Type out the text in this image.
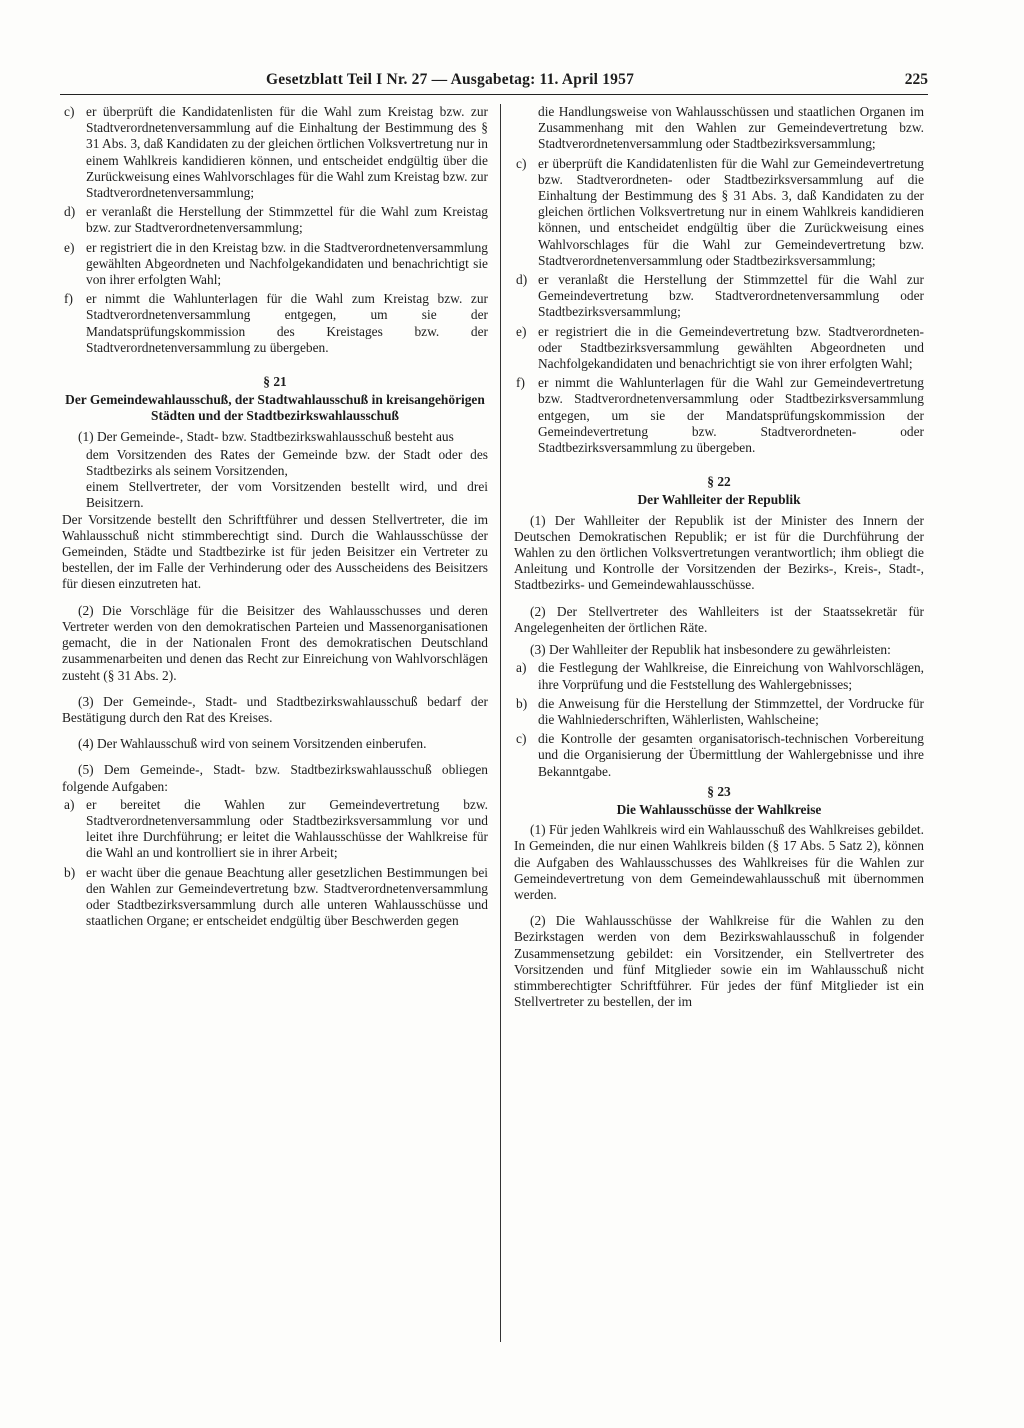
Gesetzblatt Teil I Nr. 27 — Ausgabetag: 11. April 1957	225
c) er überprüft die Kandidatenlisten für die Wahl zum Kreistag bzw. zur Stadtverordnetenversammlung auf die Einhaltung der Bestimmung des § 31 Abs. 3, daß Kandidaten zu der gleichen örtlichen Volksvertretung nur in einem Wahlkreis kandidieren können, und entscheidet endgültig über die Zurückweisung eines Wahlvorschlages für die Wahl zum Kreistag bzw. zur Stadtverordnetenversammlung;

d) er veranlaßt die Herstellung der Stimmzettel für die Wahl zum Kreistag bzw. zur Stadtverordnetenversammlung;

e) er registriert die in den Kreistag bzw. in die Stadtverordnetenversammlung gewählten Abgeordneten und Nachfolgekandidaten und benachrichtigt sie von ihrer erfolgten Wahl;

f) er nimmt die Wahlunterlagen für die Wahl zum Kreistag bzw. zur Stadtverordnetenversammlung entgegen, um sie der Mandatsprüfungskommission des Kreistages bzw. der Stadtverordnetenversammlung zu übergeben.

§ 21
Der Gemeindewahlausschuß, der Stadtwahlausschuß in kreisangehörigen Städten und der Stadtbezirkswahlausschuß

(1) Der Gemeinde-, Stadt- bzw. Stadtbezirkswahlausschuß besteht aus

dem Vorsitzenden des Rates der Gemeinde bzw. der Stadt oder des Stadtbezirks als seinem Vorsitzenden,

einem Stellvertreter, der vom Vorsitzenden bestellt wird, und drei Beisitzern.

Der Vorsitzende bestellt den Schriftführer und dessen Stellvertreter, die im Wahlausschuß nicht stimmberechtigt sind. Durch die Wahlausschüsse der Gemeinden, Städte und Stadtbezirke ist für jeden Beisitzer ein Vertreter zu bestellen, der im Falle der Verhinderung oder des Ausscheidens des Beisitzers für diesen einzutreten hat.

(2) Die Vorschläge für die Beisitzer des Wahlausschusses und deren Vertreter werden von den demokratischen Parteien und Massenorganisationen gemacht, die in der Nationalen Front des demokratischen Deutschland zusammenarbeiten und denen das Recht zur Einreichung von Wahlvorschlägen zusteht (§ 31 Abs. 2).

(3) Der Gemeinde-, Stadt- und Stadtbezirkswahlausschuß bedarf der Bestätigung durch den Rat des Kreises.

(4) Der Wahlausschuß wird von seinem Vorsitzenden einberufen.

(5) Dem Gemeinde-, Stadt- bzw. Stadtbezirkswahlausschuß obliegen folgende Aufgaben:

a) er bereitet die Wahlen zur Gemeindevertretung bzw. Stadtverordnetenversammlung oder Stadtbezirksversammlung vor und leitet ihre Durchführung; er leitet die Wahlausschüsse der Wahlkreise für die Wahl an und kontrolliert sie in ihrer Arbeit;

b) er wacht über die genaue Beachtung aller gesetzlichen Bestimmungen bei den Wahlen zur Gemeindevertretung bzw. Stadtverordnetenversammlung oder Stadtbezirksversammlung durch alle unteren Wahlausschüsse und staatlichen Organe; er entscheidet endgültig über Beschwerden gegen

die Handlungsweise von Wahlausschüssen und staatlichen Organen im Zusammenhang mit den Wahlen zur Gemeindevertretung bzw. Stadtverordnetenversammlung oder Stadtbezirksversammlung;

c) er überprüft die Kandidatenlisten für die Wahl zur Gemeindevertretung bzw. Stadtverordneten- oder Stadtbezirksversammlung auf die Einhaltung der Bestimmung des § 31 Abs. 3, daß Kandidaten zu der gleichen örtlichen Volksvertretung nur in einem Wahlkreis kandidieren können, und entscheidet endgültig über die Zurückweisung eines Wahlvorschlages für die Wahl zur Gemeindevertretung bzw. Stadtverordnetenversammlung oder Stadtbezirksversammlung;

d) er veranlaßt die Herstellung der Stimmzettel für die Wahl zur Gemeindevertretung bzw. Stadtverordnetenversammlung oder Stadtbezirksversammlung;

e) er registriert die in die Gemeindevertretung bzw. Stadtverordneten- oder Stadtbezirksversammlung gewählten Abgeordneten und Nachfolgekandidaten und benachrichtigt sie von ihrer erfolgten Wahl;

f) er nimmt die Wahlunterlagen für die Wahl zur Gemeindevertretung bzw. Stadtverordnetenversammlung oder Stadtbezirksversammlung entgegen, um sie der Mandatsprüfungskommission der Gemeindevertretung bzw. Stadtverordneten- oder Stadtbezirksversammlung zu übergeben.

§ 22
Der Wahlleiter der Republik

(1) Der Wahlleiter der Republik ist der Minister des Innern der Deutschen Demokratischen Republik; er ist für die Durchführung der Wahlen zu den örtlichen Volksvertretungen verantwortlich; ihm obliegt die Anleitung und Kontrolle der Vorsitzenden der Bezirks-, Kreis-, Stadt-, Stadtbezirks- und Gemeindewahlausschüsse.

(2) Der Stellvertreter des Wahlleiters ist der Staatssekretär für Angelegenheiten der örtlichen Räte.

(3) Der Wahlleiter der Republik hat insbesondere zu gewährleisten:

a) die Festlegung der Wahlkreise, die Einreichung von Wahlvorschlägen, ihre Vorprüfung und die Feststellung des Wahlergebnisses;

b) die Anweisung für die Herstellung der Stimmzettel, der Vordrucke für die Wahlniederschriften, Wählerlisten, Wahlscheine;

c) die Kontrolle der gesamten organisatorisch-technischen Vorbereitung und die Organisierung der Übermittlung der Wahlergebnisse und ihre Bekanntgabe.

§ 23
Die Wahlausschüsse der Wahlkreise

(1) Für jeden Wahlkreis wird ein Wahlausschuß des Wahlkreises gebildet. In Gemeinden, die nur einen Wahlkreis bilden (§ 17 Abs. 5 Satz 2), können die Aufgaben des Wahlausschusses des Wahlkreises für die Wahlen zur Gemeindevertretung von dem Gemeindewahlausschuß mit übernommen werden.

(2) Die Wahlausschüsse der Wahlkreise für die Wahlen zu den Bezirkstagen werden von dem Bezirkswahlausschuß in folgender Zusammensetzung gebildet: ein Vorsitzender, ein Stellvertreter des Vorsitzenden und fünf Mitglieder sowie ein im Wahlausschuß nicht stimmberechtigter Schriftführer. Für jedes der fünf Mitglieder ist ein Stellvertreter zu bestellen, der im
